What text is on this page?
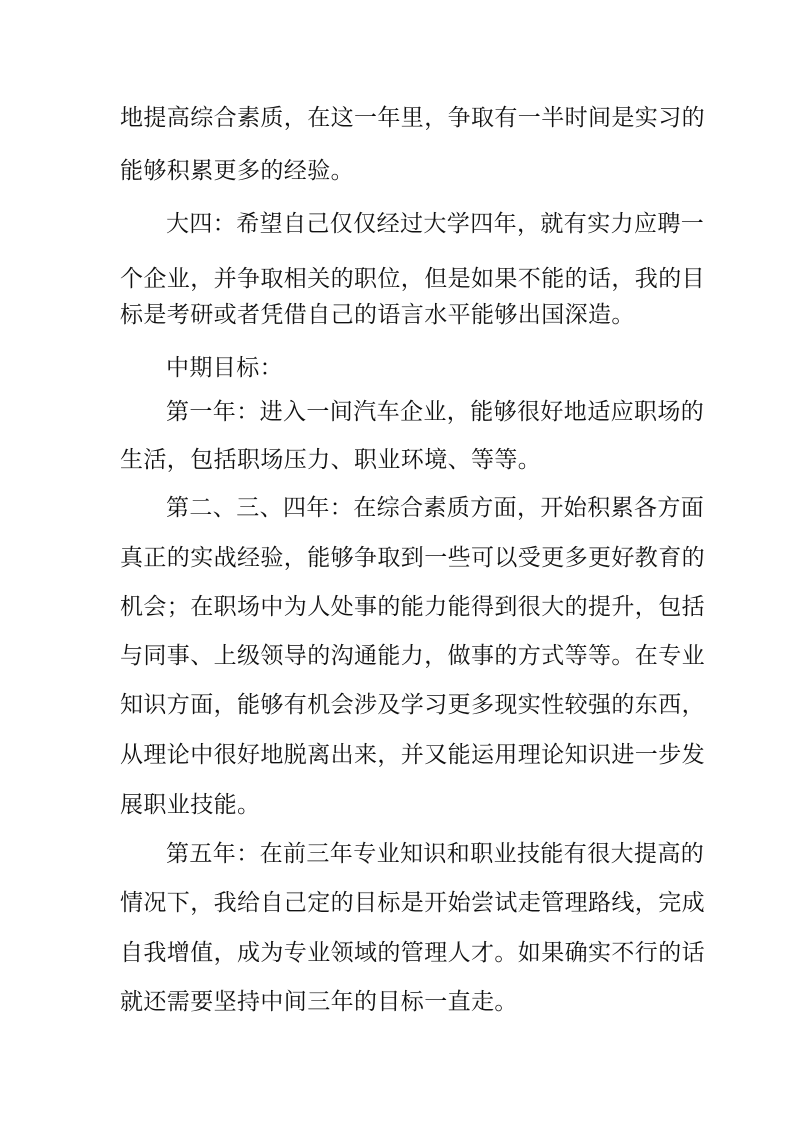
地提高综合素质，在这一年里，争取有一半时间是实习的
能够积累更多的经验。
大四：希望自己仅仅经过大学四年，就有实力应聘一
个企业，并争取相关的职位，但是如果不能的话，我的目
标是考研或者凭借自己的语言水平能够出国深造。
中期目标：
第一年：进入一间汽车企业，能够很好地适应职场的
生活，包括职场压力、职业环境、等等。
第二、三、四年：在综合素质方面，开始积累各方面
真正的实战经验，能够争取到一些可以受更多更好教育的
机会；在职场中为人处事的能力能得到很大的提升，包括
与同事、上级领导的沟通能力，做事的方式等等。在专业
知识方面，能够有机会涉及学习更多现实性较强的东西，
从理论中很好地脱离出来，并又能运用理论知识进一步发
展职业技能。
第五年：在前三年专业知识和职业技能有很大提高的
情况下，我给自己定的目标是开始尝试走管理路线，完成
自我增值，成为专业领域的管理人才。如果确实不行的话
就还需要坚持中间三年的目标一直走。
